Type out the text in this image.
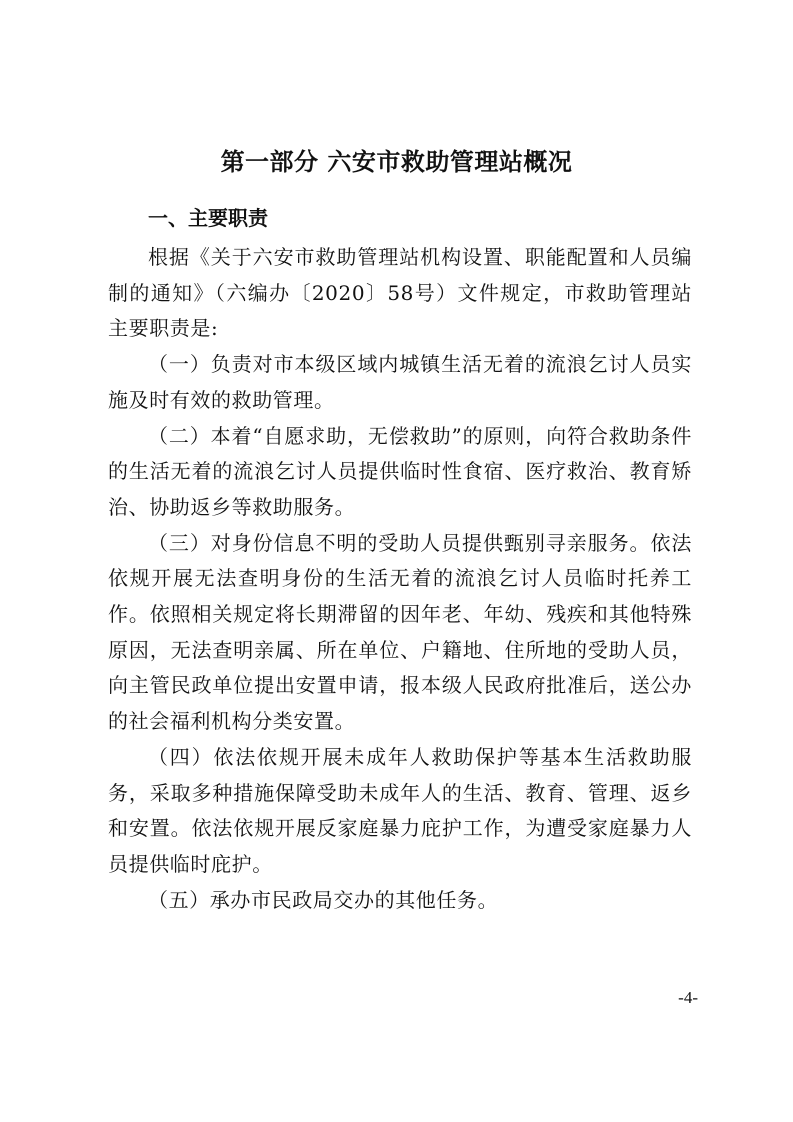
第一部分 六安市救助管理站概况
一、主要职责

根据《关于六安市救助管理站机构设置、职能配置和人员编制的通知》（六编办〔2020〕58号）文件规定，市救助管理站主要职责是:

（一）负责对市本级区域内城镇生活无着的流浪乞讨人员实施及时有效的救助管理。

（二）本着“自愿求助，无偿救助”的原则，向符合救助条件的生活无着的流浪乞讨人员提供临时性食宿、医疗救治、教育矫治、协助返乡等救助服务。

（三）对身份信息不明的受助人员提供甄别寻亲服务。依法依规开展无法查明身份的生活无着的流浪乞讨人员临时托养工作。依照相关规定将长期滞留的因年老、年幼、残疾和其他特殊原因，无法查明亲属、所在单位、户籍地、住所地的受助人员，向主管民政单位提出安置申请，报本级人民政府批准后，送公办的社会福利机构分类安置。

（四）依法依规开展未成年人救助保护等基本生活救助服务，采取多种措施保障受助未成年人的生活、教育、管理、返乡和安置。依法依规开展反家庭暴力庇护工作，为遭受家庭暴力人员提供临时庇护。

（五）承办市民政局交办的其他任务。

-4-
